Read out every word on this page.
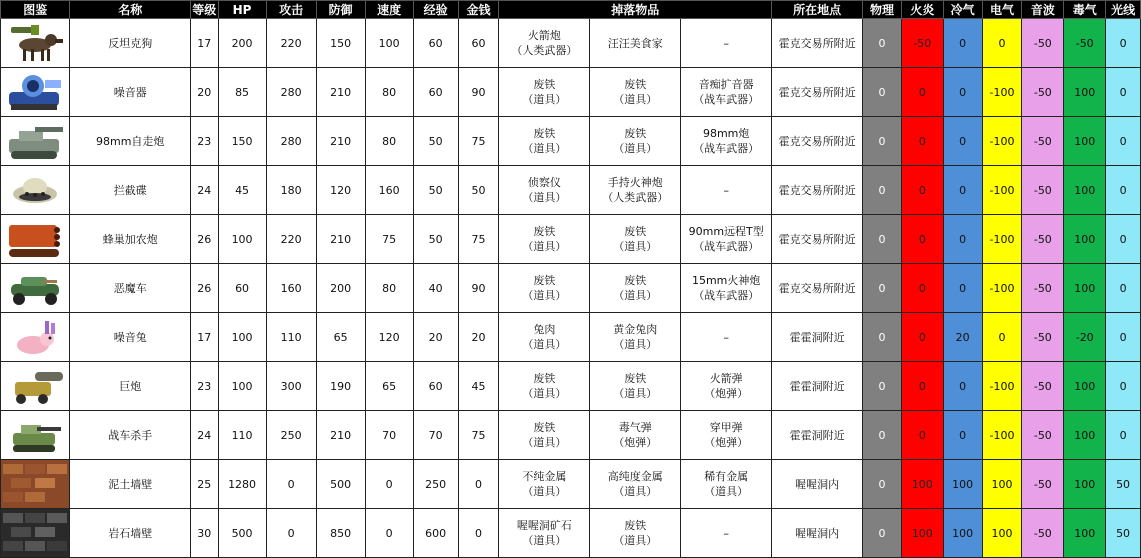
图鉴	名称	等级	HP	攻击	防御	速度	经验	金钱	掉落物品			所在地点	物理	火炎	冷气	电气	音波	毒气	光线

	反坦克狗	17	200	220	150	100	60	60	火箭炮
（人类武器）	汪汪美食家	–	霍克交易所附近	0	-50	0	0	-50	-50	0

	噪音器	20	85	280	210	80	60	90	废铁
（道具）	废铁
（道具）	音痴扩音器
（战车武器）	霍克交易所附近	0	0	0	-100	-50	100	0

	98mm自走炮	23	150	280	210	80	50	75	废铁
（道具）	废铁
（道具）	98mm炮
（战车武器）	霍克交易所附近	0	0	0	-100	-50	100	0

	拦截碟	24	45	180	120	160	50	50	侦察仪
（道具）	手持火神炮
（人类武器）	–	霍克交易所附近	0	0	0	-100	-50	100	0

	蜂巢加农炮	26	100	220	210	75	50	75	废铁
（道具）	废铁
（道具）	90mm远程T型
（战车武器）	霍克交易所附近	0	0	0	-100	-50	100	0

	恶魔车	26	60	160	200	80	40	90	废铁
（道具）	废铁
（道具）	15mm火神炮
（战车武器）	霍克交易所附近	0	0	0	-100	-50	100	0

	噪音兔	17	100	110	65	120	20	20	兔肉
（道具）	黄金兔肉
（道具）	–	霍霍洞附近	0	0	20	0	-50	-20	0

	巨炮	23	100	300	190	65	60	45	废铁
（道具）	废铁
（道具）	火箭弹
（炮弹）	霍霍洞附近	0	0	0	-100	-50	100	0

	战车杀手	24	110	250	210	70	70	75	废铁
（道具）	毒气弹
（炮弹）	穿甲弹
（炮弹）	霍霍洞附近	0	0	0	-100	-50	100	0

	泥土墙壁	25	1280	0	500	0	250	0	不纯金属
（道具）	高纯度金属
（道具）	稀有金属
（道具）	喔喔洞内	0	100	100	100	-50	100	50

	岩石墙壁	30	500	0	850	0	600	0	喔喔洞矿石
（道具）	废铁
（道具）	–	喔喔洞内	0	100	100	100	-50	100	50
